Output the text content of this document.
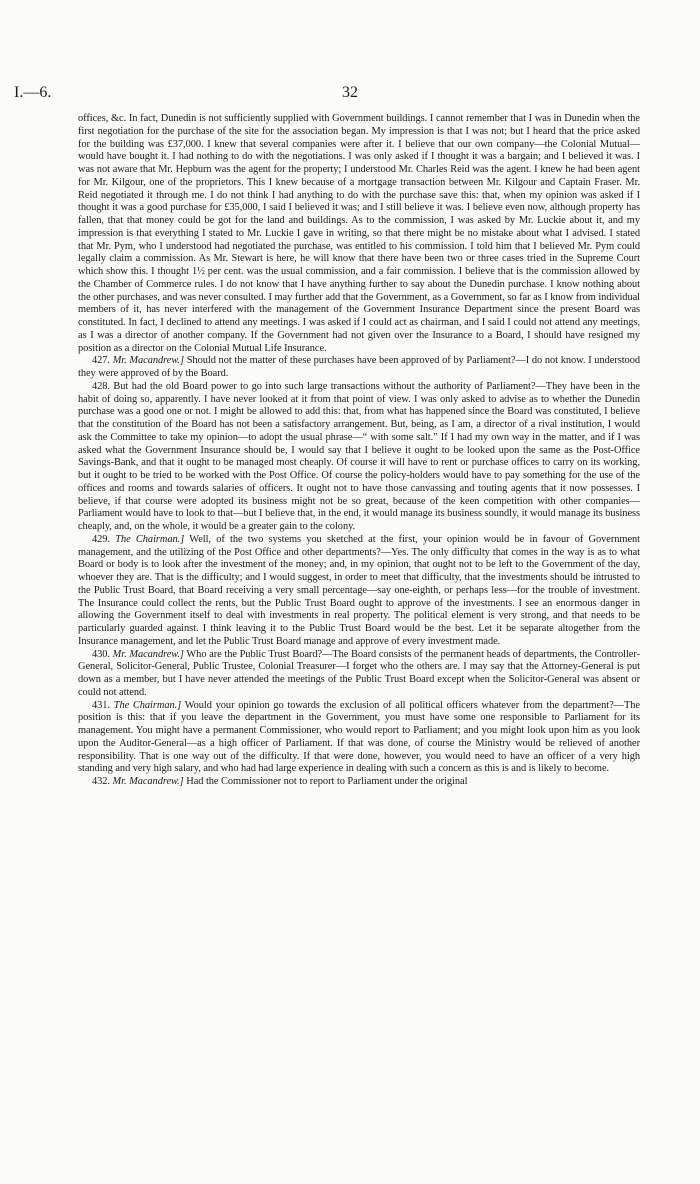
I.—6.	32

offices, &c. In fact, Dunedin is not sufficiently supplied with Government buildings. I cannot remember that I was in Dunedin when the first negotiation for the purchase of the site for the association began. My impression is that I was not; but I heard that the price asked for the building was £37,000. I knew that several companies were after it. I believe that our own company—the Colonial Mutual—would have bought it. I had nothing to do with the negotiations. I was only asked if I thought it was a bargain; and I believed it was. I was not aware that Mr. Hepburn was the agent for the property; I understood Mr. Charles Reid was the agent. I knew he had been agent for Mr. Kilgour, one of the proprietors. This I knew because of a mortgage transaction between Mr. Kilgour and Captain Fraser. Mr. Reid negotiated it through me. I do not think I had anything to do with the purchase save this: that, when my opinion was asked if I thought it was a good purchase for £35,000, I said I believed it was; and I still believe it was. I believe even now, although property has fallen, that that money could be got for the land and buildings. As to the commission, I was asked by Mr. Luckie about it, and my impression is that everything I stated to Mr. Luckie I gave in writing, so that there might be no mistake about what I advised. I stated that Mr. Pym, who I understood had negotiated the purchase, was entitled to his commission. I told him that I believed Mr. Pym could legally claim a commission. As Mr. Stewart is here, he will know that there have been two or three cases tried in the Supreme Court which show this. I thought 1½ per cent. was the usual commission, and a fair commission. I believe that is the commission allowed by the Chamber of Commerce rules. I do not know that I have anything further to say about the Dunedin purchase. I know nothing about the other purchases, and was never consulted. I may further add that the Government, as a Government, so far as I know from individual members of it, has never interfered with the management of the Government Insurance Department since the present Board was constituted. In fact, I declined to attend any meetings. I was asked if I could act as chairman, and I said I could not attend any meetings, as I was a director of another company. If the Government had not given over the Insurance to a Board, I should have resigned my position as a director on the Colonial Mutual Life Insurance.

427. Mr. Macandrew.] Should not the matter of these purchases have been approved of by Parliament?—I do not know. I understood they were approved of by the Board.

428. But had the old Board power to go into such large transactions without the authority of Parliament?—They have been in the habit of doing so, apparently. I have never looked at it from that point of view. I was only asked to advise as to whether the Dunedin purchase was a good one or not. I might be allowed to add this: that, from what has happened since the Board was constituted, I believe that the constitution of the Board has not been a satisfactory arrangement. But, being, as I am, a director of a rival institution, I would ask the Committee to take my opinion—to adopt the usual phrase—“ with some salt.” If I had my own way in the matter, and if I was asked what the Government Insurance should be, I would say that I believe it ought to be looked upon the same as the Post-Office Savings-Bank, and that it ought to be managed most cheaply. Of course it will have to rent or purchase offices to carry on its working, but it ought to be tried to be worked with the Post Office. Of course the policy-holders would have to pay something for the use of the offices and rooms and towards salaries of officers. It ought not to have those canvassing and touting agents that it now possesses. I believe, if that course were adopted its business might not be so great, because of the keen competition with other companies—Parliament would have to look to that—but I believe that, in the end, it would manage its business soundly, it would manage its business cheaply, and, on the whole, it would be a greater gain to the colony.

429. The Chairman.] Well, of the two systems you sketched at the first, your opinion would be in favour of Government management, and the utilizing of the Post Office and other departments?—Yes. The only difficulty that comes in the way is as to what Board or body is to look after the investment of the money; and, in my opinion, that ought not to be left to the Government of the day, whoever they are. That is the difficulty; and I would suggest, in order to meet that difficulty, that the investments should be intrusted to the Public Trust Board, that Board receiving a very small percentage—say one-eighth, or perhaps less—for the trouble of investment. The Insurance could collect the rents, but the Public Trust Board ought to approve of the investments. I see an enormous danger in allowing the Government itself to deal with investments in real property. The political element is very strong, and that needs to be particularly guarded against. I think leaving it to the Public Trust Board would be the best. Let it be separate altogether from the Insurance management, and let the Public Trust Board manage and approve of every investment made.

430. Mr. Macandrew.] Who are the Public Trust Board?—The Board consists of the permanent heads of departments, the Controller-General, Solicitor-General, Public Trustee, Colonial Treasurer—I forget who the others are. I may say that the Attorney-General is put down as a member, but I have never attended the meetings of the Public Trust Board except when the Solicitor-General was absent or could not attend.

431. The Chairman.] Would your opinion go towards the exclusion of all political officers whatever from the department?—The position is this: that if you leave the department in the Government, you must have some one responsible to Parliament for its management. You might have a permanent Commissioner, who would report to Parliament; and you might look upon him as you look upon the Auditor-General—as a high officer of Parliament. If that was done, of course the Ministry would be relieved of another responsibility. That is one way out of the difficulty. If that were done, however, you would need to have an officer of a very high standing and very high salary, and who had had large experience in dealing with such a concern as this is and is likely to become.

432. Mr. Macandrew.] Had the Commissioner not to report to Parliament under the original
